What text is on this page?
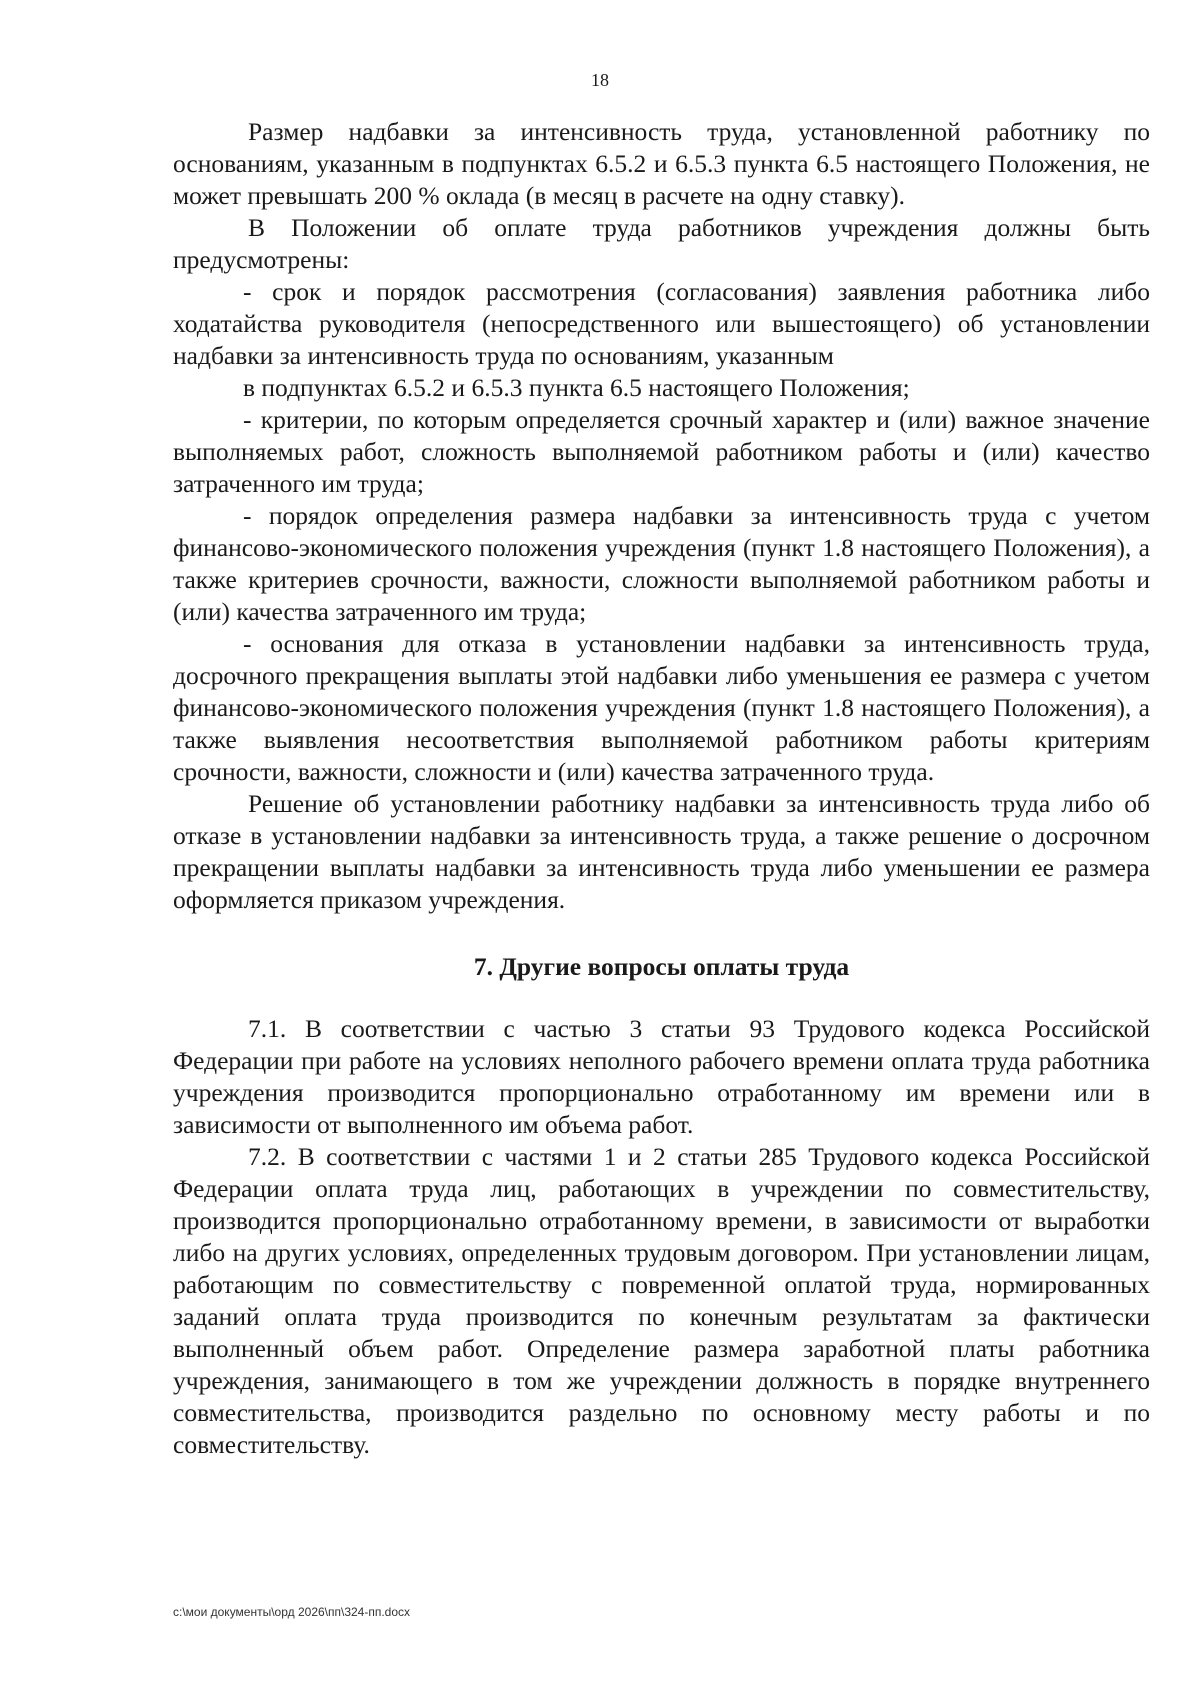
18

Размер надбавки за интенсивность труда, установленной работнику по основаниям, указанным в подпунктах 6.5.2 и 6.5.3 пункта 6.5 настоящего Положения, не может превышать 200 % оклада (в месяц в расчете на одну ставку).

В Положении об оплате труда работников учреждения должны быть предусмотрены:

- срок и порядок рассмотрения (согласования) заявления работника либо ходатайства руководителя (непосредственного или вышестоящего) об установлении надбавки за интенсивность труда по основаниям, указанным

в подпунктах 6.5.2 и 6.5.3 пункта 6.5 настоящего Положения;

- критерии, по которым определяется срочный характер и (или) важное значение выполняемых работ, сложность выполняемой работником работы и (или) качество затраченного им труда;

- порядок определения размера надбавки за интенсивность труда с учетом финансово-экономического положения учреждения (пункт 1.8 настоящего Положения), а также критериев срочности, важности, сложности выполняемой работником работы и (или) качества затраченного им труда;

- основания для отказа в установлении надбавки за интенсивность труда, досрочного прекращения выплаты этой надбавки либо уменьшения ее размера с учетом финансово-экономического положения учреждения (пункт 1.8 настоящего Положения), а также выявления несоответствия выполняемой работником работы критериям срочности, важности, сложности и (или) качества затраченного труда.

Решение об установлении работнику надбавки за интенсивность труда либо об отказе в установлении надбавки за интенсивность труда, а также решение о досрочном прекращении выплаты надбавки за интенсивность труда либо уменьшении ее размера оформляется приказом учреждения.

7. Другие вопросы оплаты труда

7.1. В соответствии с частью 3 статьи 93 Трудового кодекса Российской Федерации при работе на условиях неполного рабочего времени оплата труда работника учреждения производится пропорционально отработанному им времени или в зависимости от выполненного им объема работ.

7.2. В соответствии с частями 1 и 2 статьи 285 Трудового кодекса Российской Федерации оплата труда лиц, работающих в учреждении по совместительству, производится пропорционально отработанному времени, в зависимости от выработки либо на других условиях, определенных трудовым договором. При установлении лицам, работающим по совместительству с повременной оплатой труда, нормированных заданий оплата труда производится по конечным результатам за фактически выполненный объем работ. Определение размера заработной платы работника учреждения, занимающего в том же учреждении должность в порядке внутреннего совместительства, производится раздельно по основному месту работы и по совместительству.

c:\мои документы\орд 2026\пп\324-пп.docx
